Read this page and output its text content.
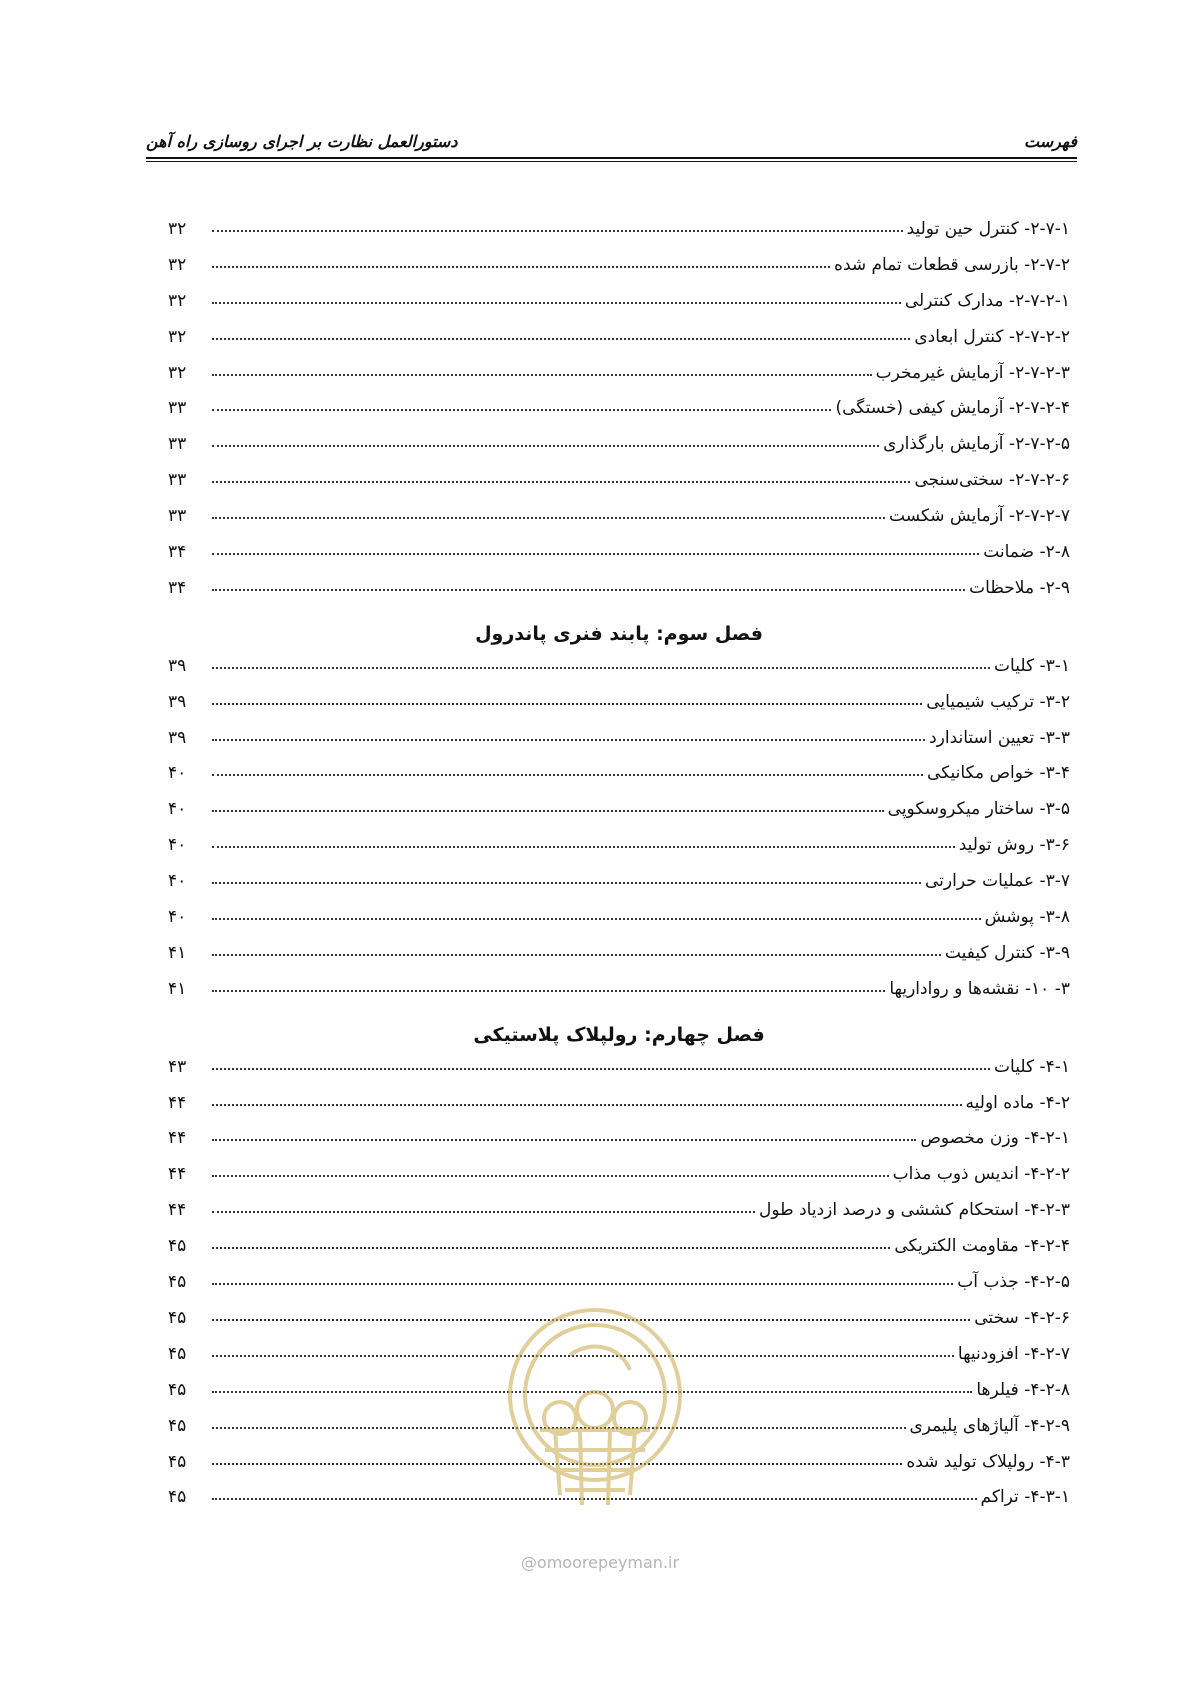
فهرست
دستورالعمل نظارت بر اجرای روسازی راه آهن
۲-۷-۱- کنترل حین تولید
۳۲
۲-۷-۲- بازرسی قطعات تمام شده
۳۲
۲-۷-۲-۱- مدارک کنترلی
۳۲
۲-۷-۲-۲- کنترل ابعادی
۳۲
۲-۷-۲-۳- آزمایش غیرمخرب
۳۲
۲-۷-۲-۴- آزمایش کیفی (خستگی)
۳۳
۲-۷-۲-۵- آزمایش بارگذاری
۳۳
۲-۷-۲-۶- سختی‌سنجی
۳۳
۲-۷-۲-۷- آزمایش شکست
۳۳
۲-۸- ضمانت
۳۴
۲-۹- ملاحظات
۳۴
فصل سوم: پابند فنری پاندرول
۳-۱- کلیات
۳۹
۳-۲- ترکیب شیمیایی
۳۹
۳-۳- تعیین استاندارد
۳۹
۳-۴- خواص مکانیکی
۴۰
۳-۵- ساختار میکروسکوپی
۴۰
۳-۶- روش تولید
۴۰
۳-۷- عملیات حرارتی
۴۰
۳-۸- پوشش
۴۰
۳-۹- کنترل کیفیت
۴۱
۳- ۱۰- نقشه‌ها و رواداریها
۴۱
فصل چهارم: رولپلاک پلاستیکی
۴-۱- کلیات
۴۳
۴-۲- ماده اولیه
۴۴
۴-۲-۱- وزن مخصوص
۴۴
۴-۲-۲- اندیس ذوب مذاب
۴۴
۴-۲-۳- استحکام کششی و درصد ازدیاد طول
۴۴
۴-۲-۴- مقاومت الکتریکی
۴۵
۴-۲-۵- جذب آب
۴۵
۴-۲-۶- سختی
۴۵
۴-۲-۷- افزودنیها
۴۵
۴-۲-۸- فیلرها
۴۵
۴-۲-۹- آلیاژهای پلیمری
۴۵
۴-۳- رولپلاک تولید شده
۴۵
۴-۳-۱- تراکم
۴۵
@omoorepeyman.ir
